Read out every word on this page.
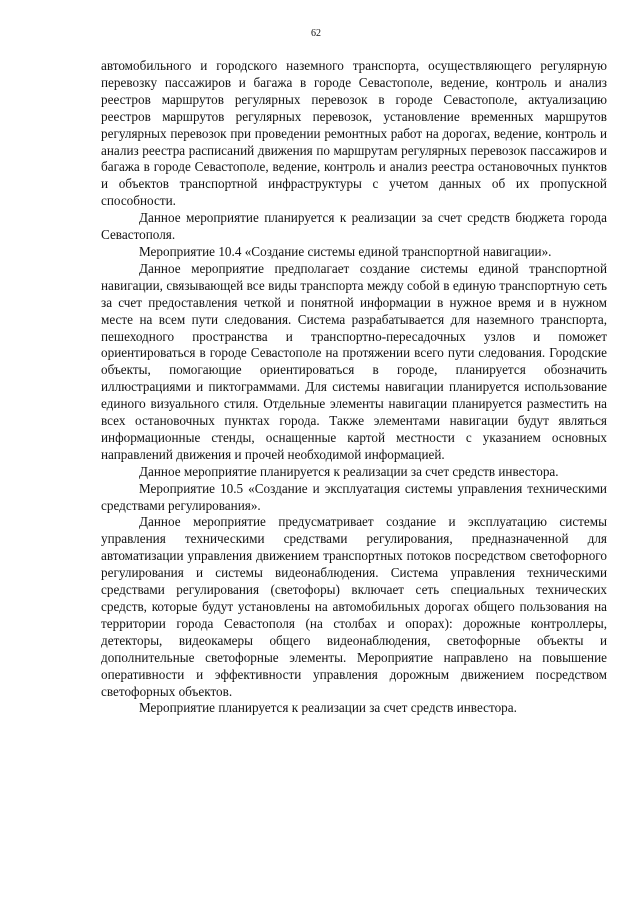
62

автомобильного и городского наземного транспорта, осуществляющего регулярную перевозку пассажиров и багажа в городе Севастополе, ведение, контроль и анализ реестров маршрутов регулярных перевозок в городе Севастополе, актуализацию реестров маршрутов регулярных перевозок, установление временных маршрутов регулярных перевозок при проведении ремонтных работ на дорогах, ведение, контроль и анализ реестра расписаний движения по маршрутам регулярных перевозок пассажиров и багажа в городе Севастополе, ведение, контроль и анализ реестра остановочных пунктов и объектов транспортной инфраструктуры с учетом данных об их пропускной способности.

Данное мероприятие планируется к реализации за счет средств бюджета города Севастополя.

Мероприятие 10.4 «Создание системы единой транспортной навигации».

Данное мероприятие предполагает создание системы единой транспортной навигации, связывающей все виды транспорта между собой в единую транспортную сеть за счет предоставления четкой и понятной информации в нужное время и в нужном месте на всем пути следования. Система разрабатывается для наземного транспорта, пешеходного пространства и транспортно-пересадочных узлов и поможет ориентироваться в городе Севастополе на протяжении всего пути следования. Городские объекты, помогающие ориентироваться в городе, планируется обозначить иллюстрациями и пиктограммами. Для системы навигации планируется использование единого визуального стиля. Отдельные элементы навигации планируется разместить на всех остановочных пунктах города. Также элементами навигации будут являться информационные стенды, оснащенные картой местности с указанием основных направлений движения и прочей необходимой информацией.

Данное мероприятие планируется к реализации за счет средств инвестора.

Мероприятие 10.5 «Создание и эксплуатация системы управления техническими средствами регулирования».

Данное мероприятие предусматривает создание и эксплуатацию системы управления техническими средствами регулирования, предназначенной для автоматизации управления движением транспортных потоков посредством светофорного регулирования и системы видеонаблюдения. Система управления техническими средствами регулирования (светофоры) включает сеть специальных технических средств, которые будут установлены на автомобильных дорогах общего пользования на территории города Севастополя (на столбах и опорах): дорожные контроллеры, детекторы, видеокамеры общего видеонаблюдения, светофорные объекты и дополнительные светофорные элементы. Мероприятие направлено на повышение оперативности и эффективности управления дорожным движением посредством светофорных объектов.

Мероприятие планируется к реализации за счет средств инвестора.
